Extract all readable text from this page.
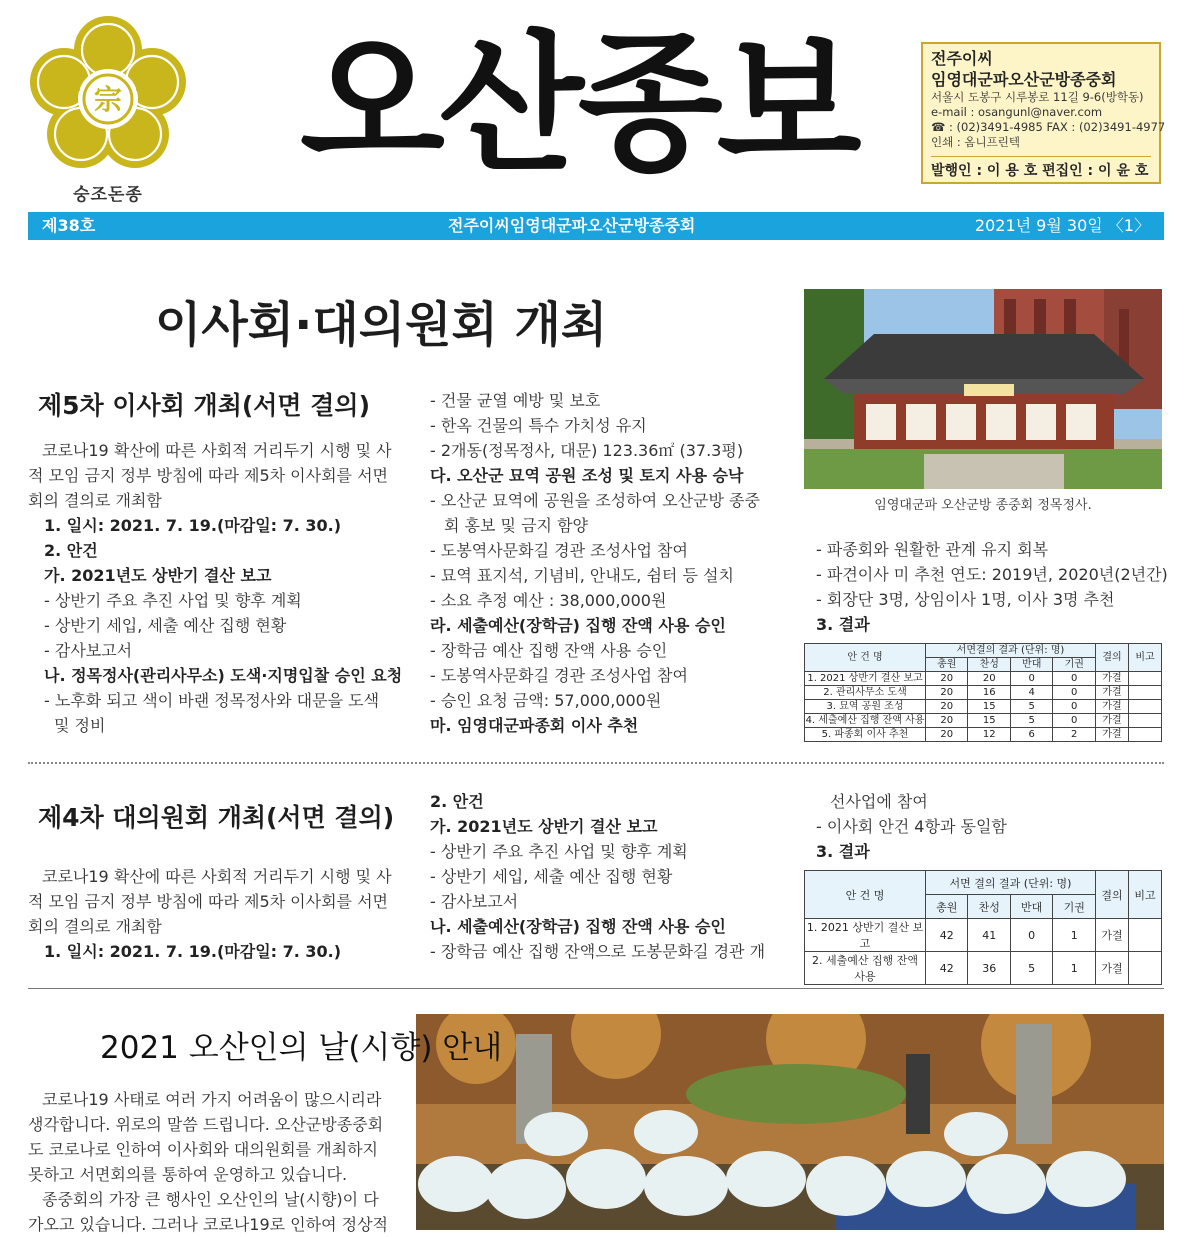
宗
숭조돈종
오산종보	전주이씨
임영대군파오산군방종중회
서울시 도봉구 시루봉로 11길 9-6(방학동)
e-mail : osangunl@naver.com
☎ : (02)3491-4985 FAX : (02)3491-4977
인쇄 : 옴니프린텍
발행인 : 이 용 호 편집인 : 이 윤 호
제38호	전주이씨임영대군파오산군방종중회	2021년 9월 30일 〈1〉
이사회·대의원회 개최
제5차 이사회 개최(서면 결의)
코로나19 확산에 따른 사회적 거리두기 시행 및 사
적 모임 금지 정부 방침에 따라 제5차 이사회를 서면
회의 결의로 개최함
1. 일시: 2021. 7. 19.(마감일: 7. 30.)
2. 안건
가. 2021년도 상반기 결산 보고
- 상반기 주요 추진 사업 및 향후 계획
- 상반기 세입, 세출 예산 집행 현황
- 감사보고서
나. 정목정사(관리사무소) 도색·지명입찰 승인 요청
- 노후화 되고 색이 바랜 정목정사와 대문을 도색
및 정비
- 건물 균열 예방 및 보호
- 한옥 건물의 특수 가치성 유지
- 2개동(정목정사, 대문) 123.36㎡ (37.3평)
다. 오산군 묘역 공원 조성 및 토지 사용 승낙
- 오산군 묘역에 공원을 조성하여 오산군방 종중
회 홍보 및 금지 함양
- 도봉역사문화길 경관 조성사업 참여
- 묘역 표지석, 기념비, 안내도, 쉼터 등 설치
- 소요 추정 예산 : 38,000,000원
라. 세출예산(장학금) 집행 잔액 사용 승인
- 장학금 예산 집행 잔액 사용 승인
- 도봉역사문화길 경관 조성사업 참여
- 승인 요청 금액: 57,000,000원
마. 임영대군파종회 이사 추천
임영대군파 오산군방 종중회 정목정사.
- 파종회와 원활한 관계 유지 회복
- 파견이사 미 추천 연도: 2019년, 2020년(2년간)
- 회장단 3명, 상임이사 1명, 이사 3명 추천
3. 결과
안 건 명	서면결의 결과 (단위: 명)				결의	비고
	총원	찬성	반대	기권		
1. 2021 상반기 결산 보고	20	20	0	0	가결	
2. 관리사무소 도색	20	16	4	0	가결	
3. 묘역 공원 조성	20	15	5	0	가결	
4. 세출예산 집행 잔액 사용	20	15	5	0	가결	
5. 파종회 이사 추천	20	12	6	2	가결	
제4차 대의원회 개최(서면 결의)
코로나19 확산에 따른 사회적 거리두기 시행 및 사
적 모임 금지 정부 방침에 따라 제5차 이사회를 서면
회의 결의로 개최함
1. 일시: 2021. 7. 19.(마감일: 7. 30.)
2. 안건
가. 2021년도 상반기 결산 보고
- 상반기 주요 추진 사업 및 향후 계획
- 상반기 세입, 세출 예산 집행 현황
- 감사보고서
나. 세출예산(장학금) 집행 잔액 사용 승인
- 장학금 예산 집행 잔액으로 도봉문화길 경관 개
선사업에 참여
- 이사회 안건 4항과 동일함
3. 결과
안 건 명	서면 결의 결과 (단위: 명)				결의	비고
	총원	찬성	반대	기권		
1. 2021 상반기 결산 보고	42	41	0	1	가결	
2. 세출예산 집행 잔액 사용	42	36	5	1	가결	
2021 오산인의 날(시향) 안내
코로나19 사태로 여러 가지 어려움이 많으시리라
생각합니다. 위로의 말씀 드립니다. 오산군방종중회
도 코로나로 인하여 이사회와 대의원회를 개최하지
못하고 서면회의를 통하여 운영하고 있습니다.
종중회의 가장 큰 행사인 오산인의 날(시향)이 다
가오고 있습니다. 그러나 코로나19로 인하여 정상적
